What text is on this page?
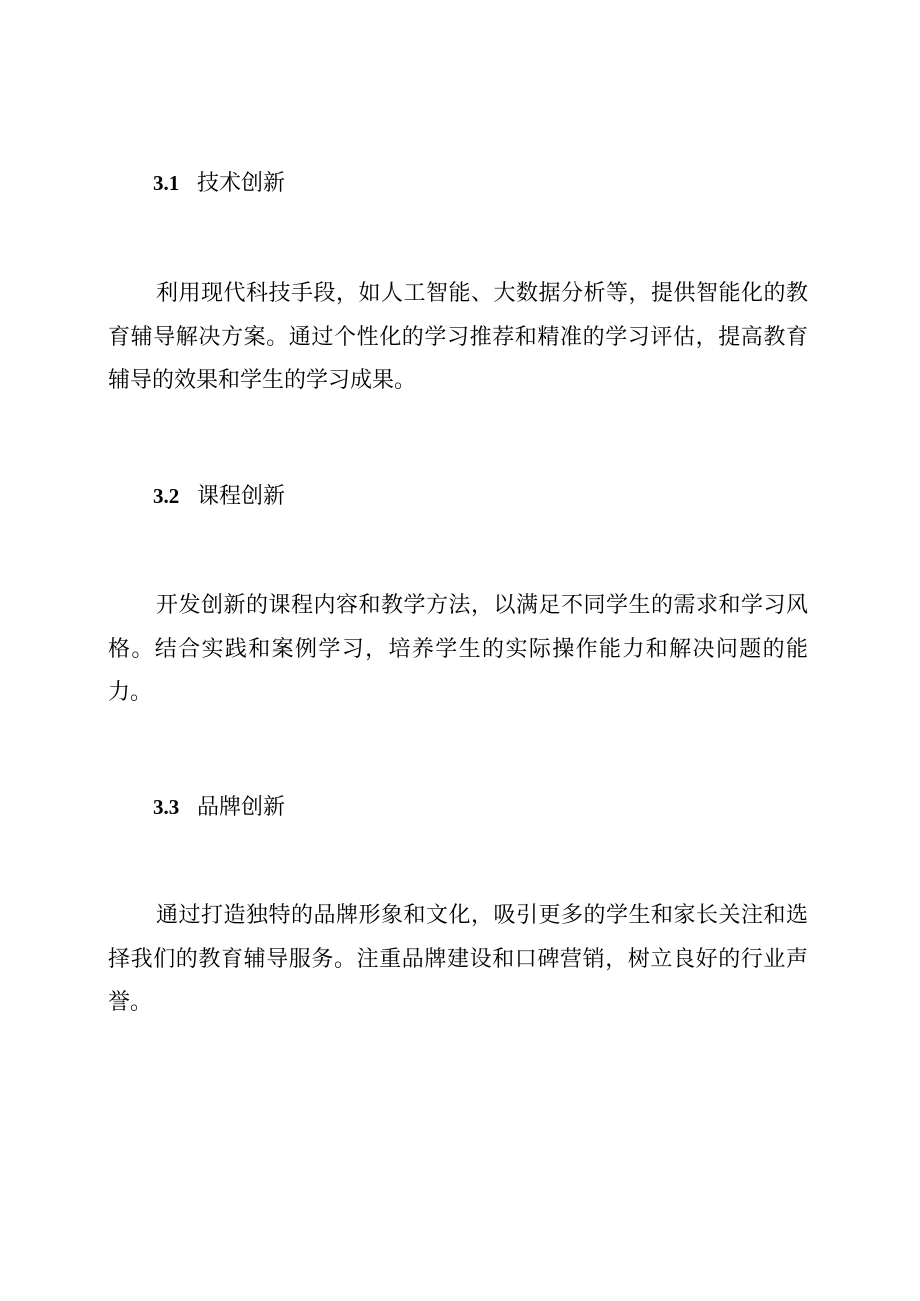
3.1 技术创新

利用现代科技手段，如人工智能、大数据分析等，提供智能化的教育辅导解决方案。通过个性化的学习推荐和精准的学习评估，提高教育辅导的效果和学生的学习成果。

3.2 课程创新

开发创新的课程内容和教学方法，以满足不同学生的需求和学习风格。结合实践和案例学习，培养学生的实际操作能力和解决问题的能力。

3.3 品牌创新

通过打造独特的品牌形象和文化，吸引更多的学生和家长关注和选择我们的教育辅导服务。注重品牌建设和口碑营销，树立良好的行业声誉。
